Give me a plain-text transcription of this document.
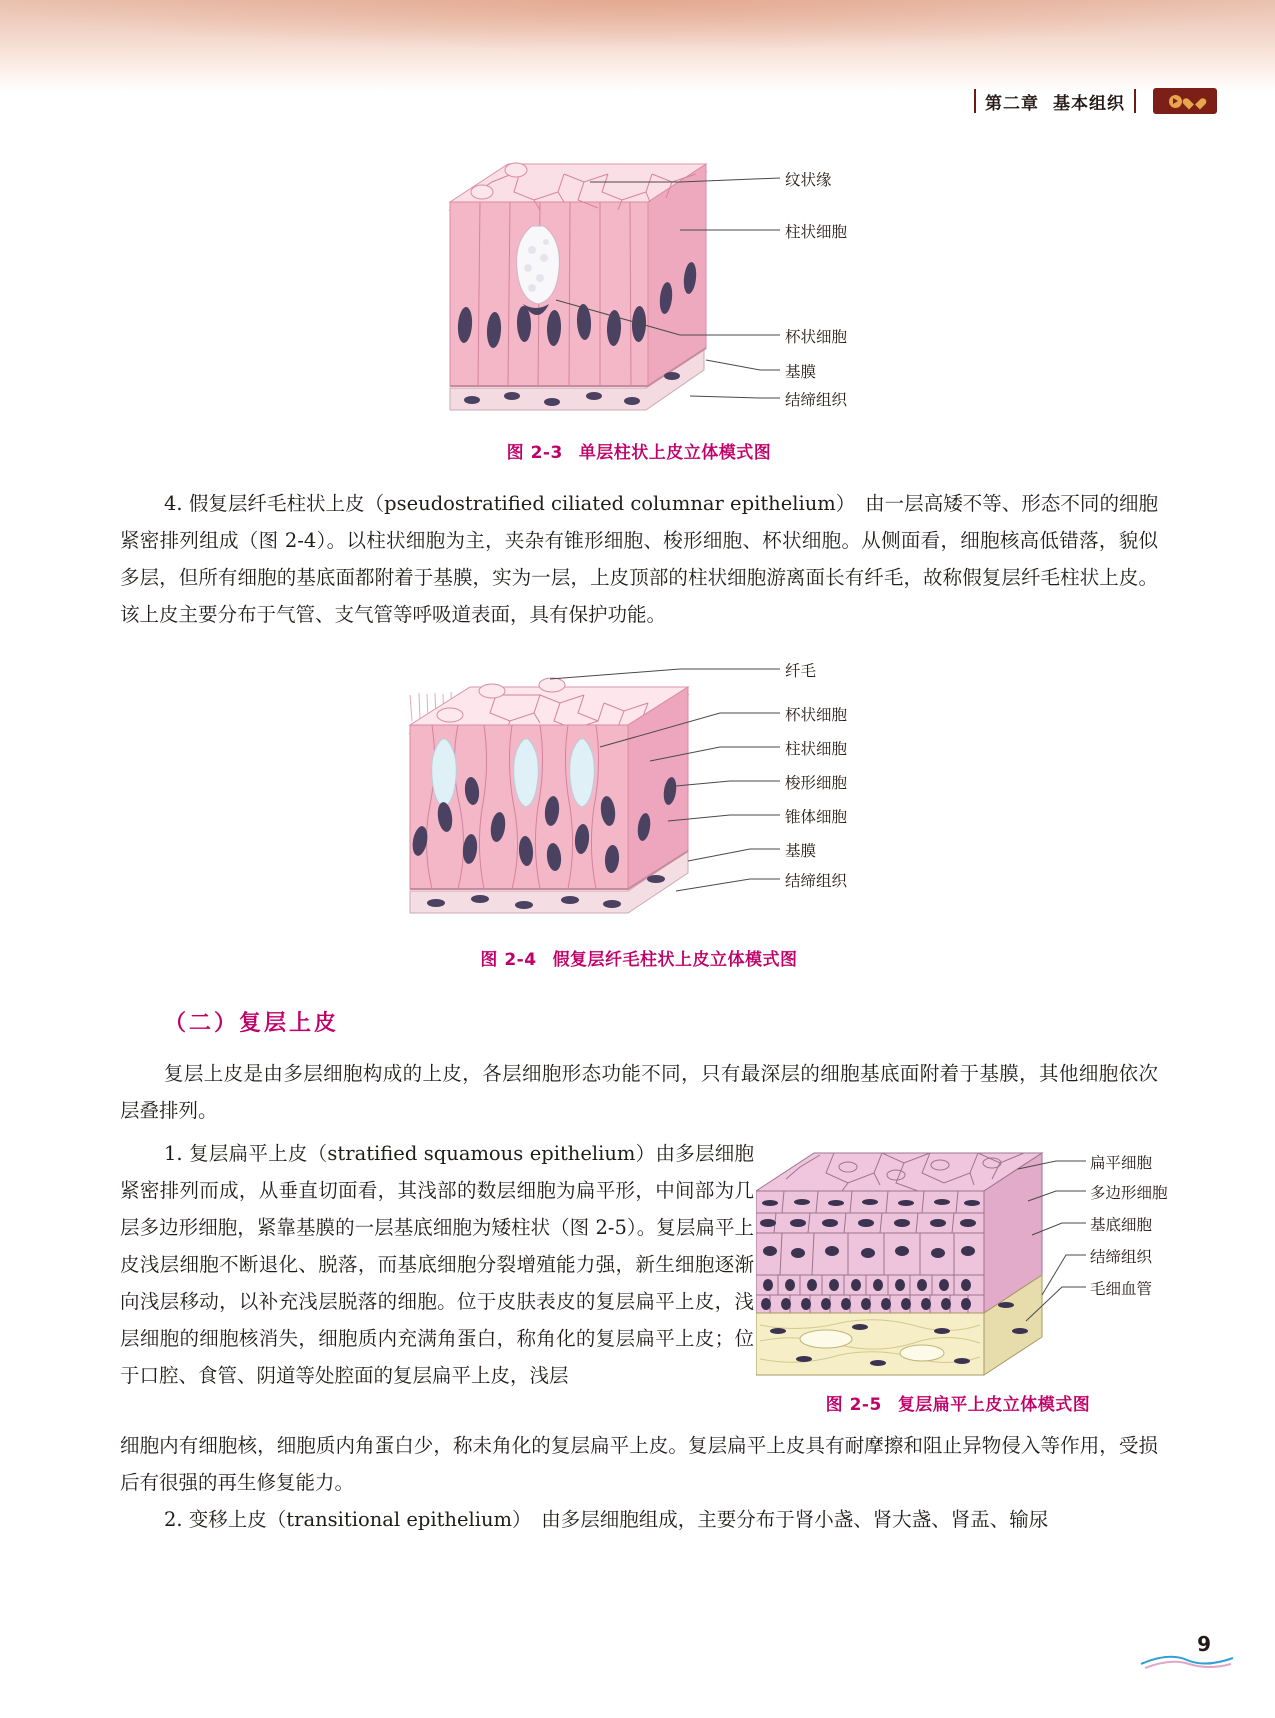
第二章 基本组织
纹状缘
柱状细胞
杯状细胞
基膜
结缔组织
图 2-3 单层柱状上皮立体模式图

4. 假复层纤毛柱状上皮（pseudostratified ciliated columnar epithelium）　由一层高矮不等、形态不同的细胞紧密排列组成（图 2-4）。以柱状细胞为主，夹杂有锥形细胞、梭形细胞、杯状细胞。从侧面看，细胞核高低错落，貌似多层，但所有细胞的基底面都附着于基膜，实为一层，上皮顶部的柱状细胞游离面长有纤毛，故称假复层纤毛柱状上皮。该上皮主要分布于气管、支气管等呼吸道表面，具有保护功能。

纤毛
杯状细胞
柱状细胞
梭形细胞
锥体细胞
基膜
结缔组织
图 2-4 假复层纤毛柱状上皮立体模式图
（二）复层上皮

复层上皮是由多层细胞构成的上皮，各层细胞形态功能不同，只有最深层的细胞基底面附着于基膜，其他细胞依次层叠排列。

扁平细胞
多边形细胞
基底细胞
结缔组织
毛细血管
图 2-5 复层扁平上皮立体模式图

1. 复层扁平上皮（stratified squamous epithelium）由多层细胞紧密排列而成，从垂直切面看，其浅部的数层细胞为扁平形，中间部为几层多边形细胞，紧靠基膜的一层基底细胞为矮柱状（图 2-5）。复层扁平上皮浅层细胞不断退化、脱落，而基底细胞分裂增殖能力强，新生细胞逐渐向浅层移动，以补充浅层脱落的细胞。位于皮肤表皮的复层扁平上皮，浅层细胞的细胞核消失，细胞质内充满角蛋白，称角化的复层扁平上皮；位于口腔、食管、阴道等处腔面的复层扁平上皮，浅层

细胞内有细胞核，细胞质内角蛋白少，称未角化的复层扁平上皮。复层扁平上皮具有耐摩擦和阻止异物侵入等作用，受损后有很强的再生修复能力。

2. 变移上皮（transitional epithelium）　由多层细胞组成，主要分布于肾小盏、肾大盏、肾盂、输尿

9
